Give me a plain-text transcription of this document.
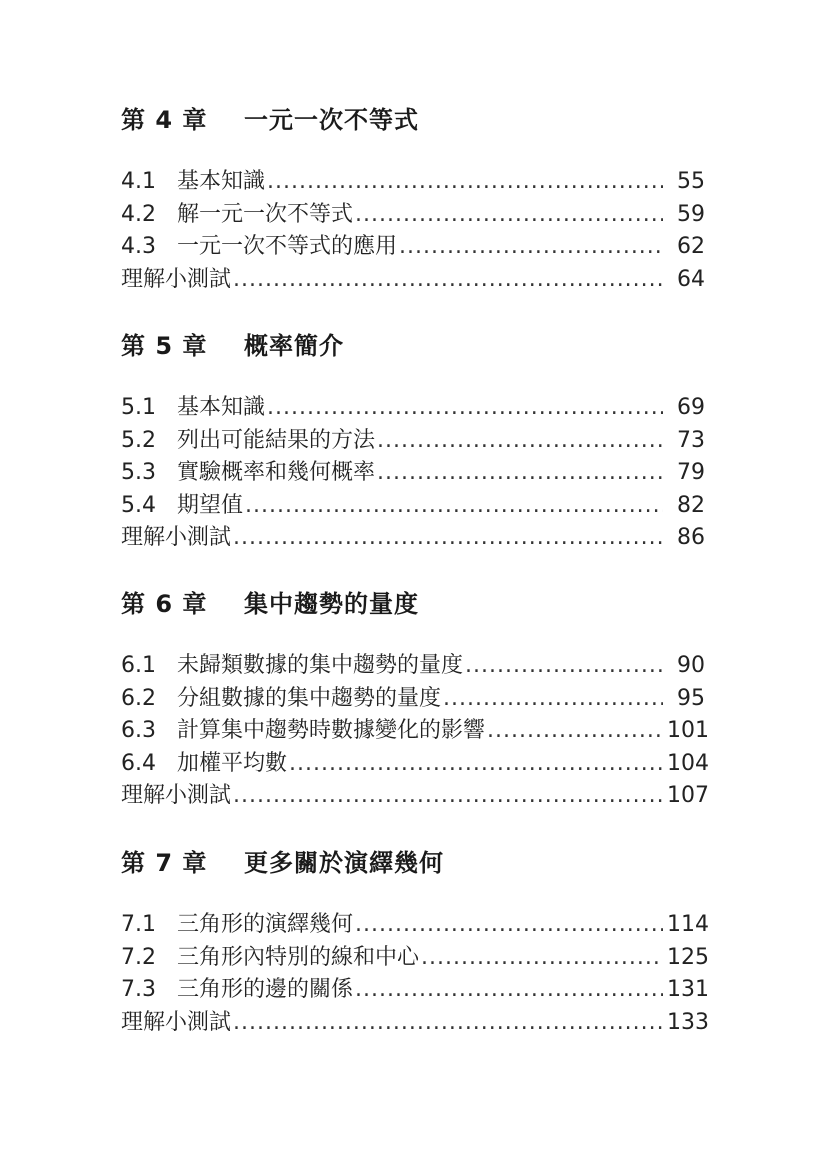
第 4 章	一元一次不等式
4.1 基本知識 .....	55
4.2 解一元一次不等式 .....	59
4.3 一元一次不等式的應用 .....	62
理解小測試 .....	64
第 5 章	概率簡介
5.1 基本知識 .....	69
5.2 列出可能結果的方法 .....	73
5.3 實驗概率和幾何概率 .....	79
5.4 期望值 .....	82
理解小測試 .....	86
第 6 章	集中趨勢的量度
6.1 未歸類數據的集中趨勢的量度 .....	90
6.2 分組數據的集中趨勢的量度 .....	95
6.3 計算集中趨勢時數據變化的影響 .....	101
6.4 加權平均數 .....	104
理解小測試 .....	107
第 7 章	更多關於演繹幾何
7.1 三角形的演繹幾何 .....	114
7.2 三角形內特別的線和中心 .....	125
7.3 三角形的邊的關係 .....	131
理解小測試 .....	133
